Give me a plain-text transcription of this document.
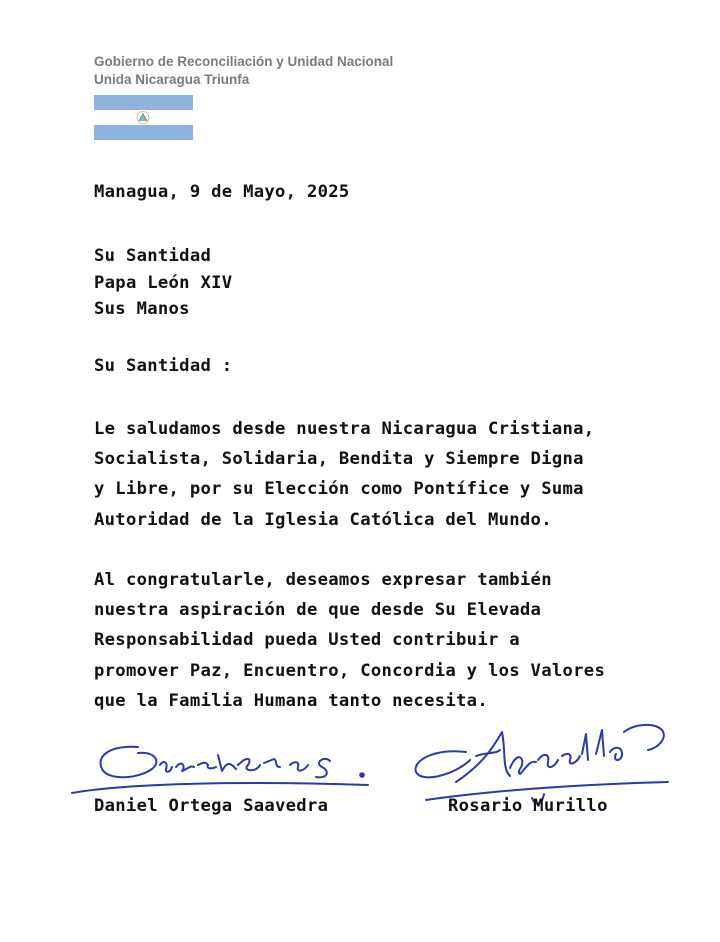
Gobierno de Reconciliación y Unidad Nacional
Unida Nicaragua Triunfa
Managua, 9 de Mayo, 2025
Su Santidad
Papa León XIV
Sus Manos
Su Santidad :
Le saludamos desde nuestra Nicaragua Cristiana,
Socialista, Solidaria, Bendita y Siempre Digna
y Libre, por su Elección como Pontífice y Suma
Autoridad de la Iglesia Católica del Mundo.
Al congratularle, deseamos expresar también
nuestra aspiración de que desde Su Elevada
Responsabilidad pueda Usted contribuir a
promover Paz, Encuentro, Concordia y los Valores
que la Familia Humana tanto necesita.
Daniel Ortega Saavedra	Rosario Murillo
